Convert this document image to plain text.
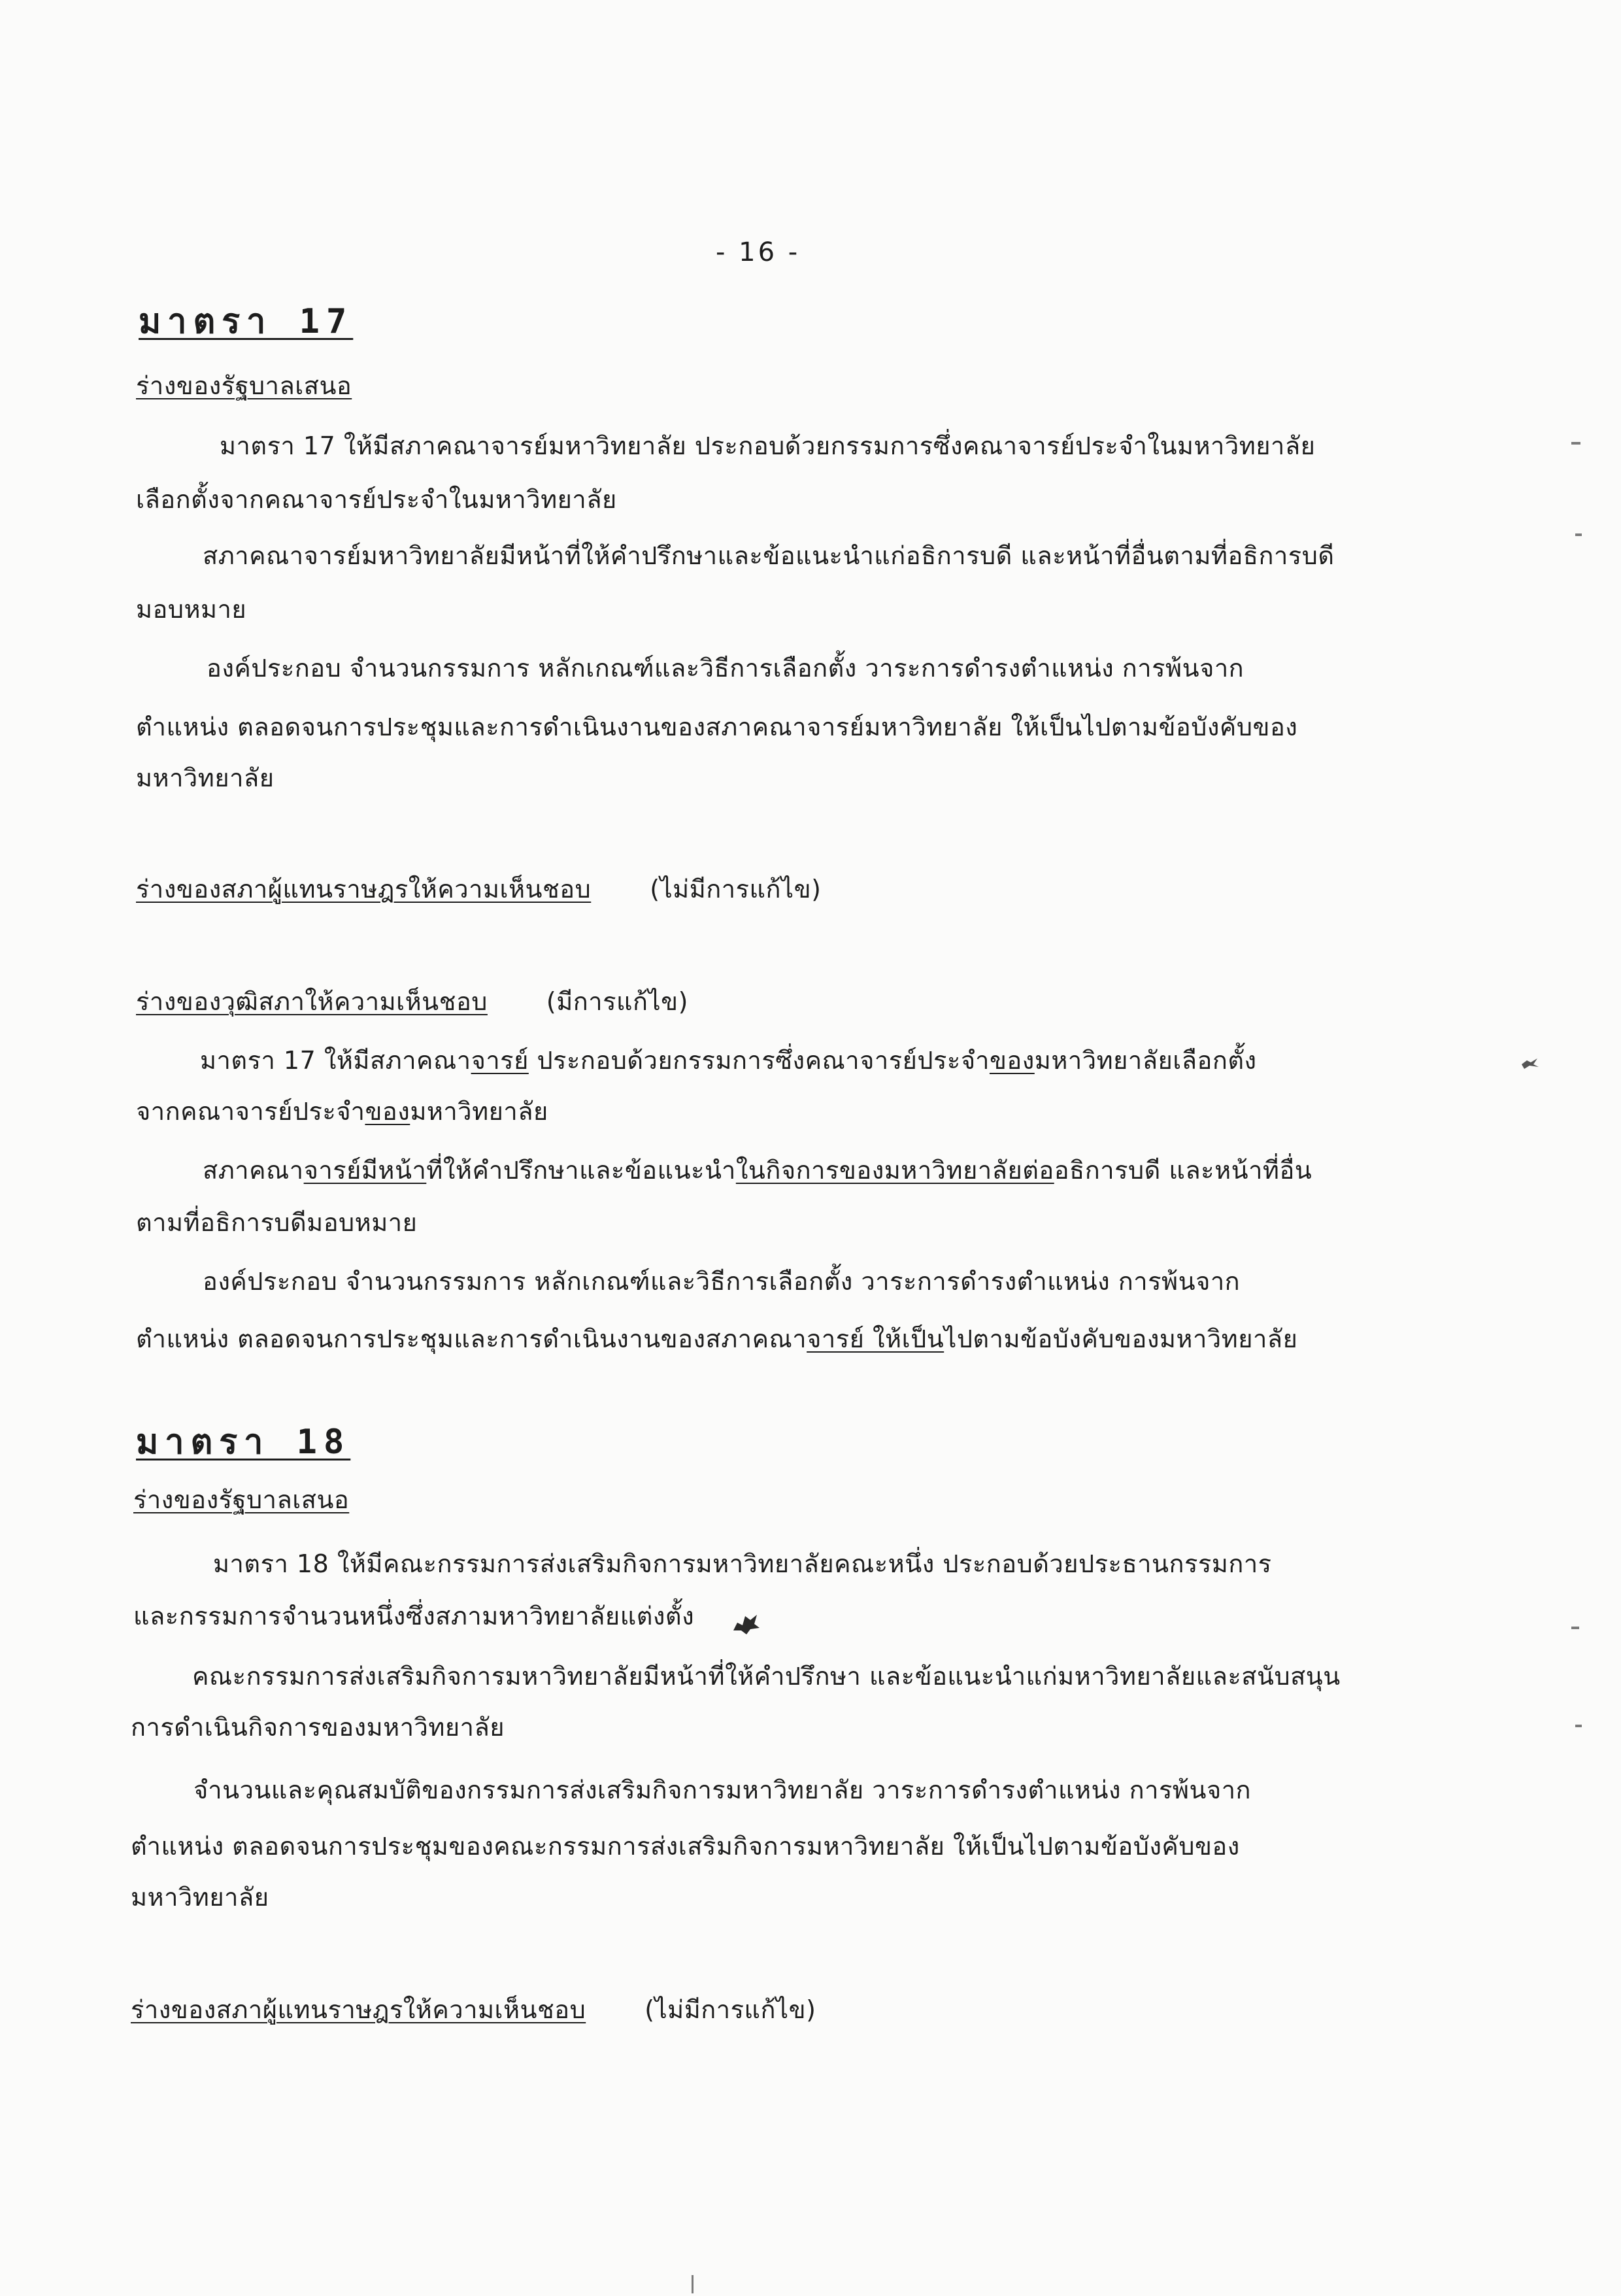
- 16 -
มาตรา 17
ร่างของรัฐบาลเสนอ
มาตรา 17 ให้มีสภาคณาจารย์มหาวิทยาลัย ประกอบด้วยกรรมการซึ่งคณาจารย์ประจำในมหาวิทยาลัย
เลือกตั้งจากคณาจารย์ประจำในมหาวิทยาลัย
สภาคณาจารย์มหาวิทยาลัยมีหน้าที่ให้คำปรึกษาและข้อแนะนำแก่อธิการบดี และหน้าที่อื่นตามที่อธิการบดี
มอบหมาย
องค์ประกอบ จำนวนกรรมการ หลักเกณฑ์และวิธีการเลือกตั้ง วาระการดำรงตำแหน่ง การพ้นจาก
ตำแหน่ง ตลอดจนการประชุมและการดำเนินงานของสภาคณาจารย์มหาวิทยาลัย ให้เป็นไปตามข้อบังคับของ
มหาวิทยาลัย
ร่างของสภาผู้แทนราษฎรให้ความเห็นชอบ (ไม่มีการแก้ไข)
ร่างของวุฒิสภาให้ความเห็นชอบ (มีการแก้ไข)
มาตรา 17 ให้มีสภาคณาจารย์ ประกอบด้วยกรรมการซึ่งคณาจารย์ประจำของมหาวิทยาลัยเลือกตั้ง
จากคณาจารย์ประจำของมหาวิทยาลัย
สภาคณาจารย์มีหน้าที่ให้คำปรึกษาและข้อแนะนำในกิจการของมหาวิทยาลัยต่ออธิการบดี และหน้าที่อื่น
ตามที่อธิการบดีมอบหมาย
องค์ประกอบ จำนวนกรรมการ หลักเกณฑ์และวิธีการเลือกตั้ง วาระการดำรงตำแหน่ง การพ้นจาก
ตำแหน่ง ตลอดจนการประชุมและการดำเนินงานของสภาคณาจารย์ ให้เป็นไปตามข้อบังคับของมหาวิทยาลัย
มาตรา 18
ร่างของรัฐบาลเสนอ
มาตรา 18 ให้มีคณะกรรมการส่งเสริมกิจการมหาวิทยาลัยคณะหนึ่ง ประกอบด้วยประธานกรรมการ
และกรรมการจำนวนหนึ่งซึ่งสภามหาวิทยาลัยแต่งตั้ง
คณะกรรมการส่งเสริมกิจการมหาวิทยาลัยมีหน้าที่ให้คำปรึกษา และข้อแนะนำแก่มหาวิทยาลัยและสนับสนุน
การดำเนินกิจการของมหาวิทยาลัย
จำนวนและคุณสมบัติของกรรมการส่งเสริมกิจการมหาวิทยาลัย วาระการดำรงตำแหน่ง การพ้นจาก
ตำแหน่ง ตลอดจนการประชุมของคณะกรรมการส่งเสริมกิจการมหาวิทยาลัย ให้เป็นไปตามข้อบังคับของ
มหาวิทยาลัย
ร่างของสภาผู้แทนราษฎรให้ความเห็นชอบ (ไม่มีการแก้ไข)
